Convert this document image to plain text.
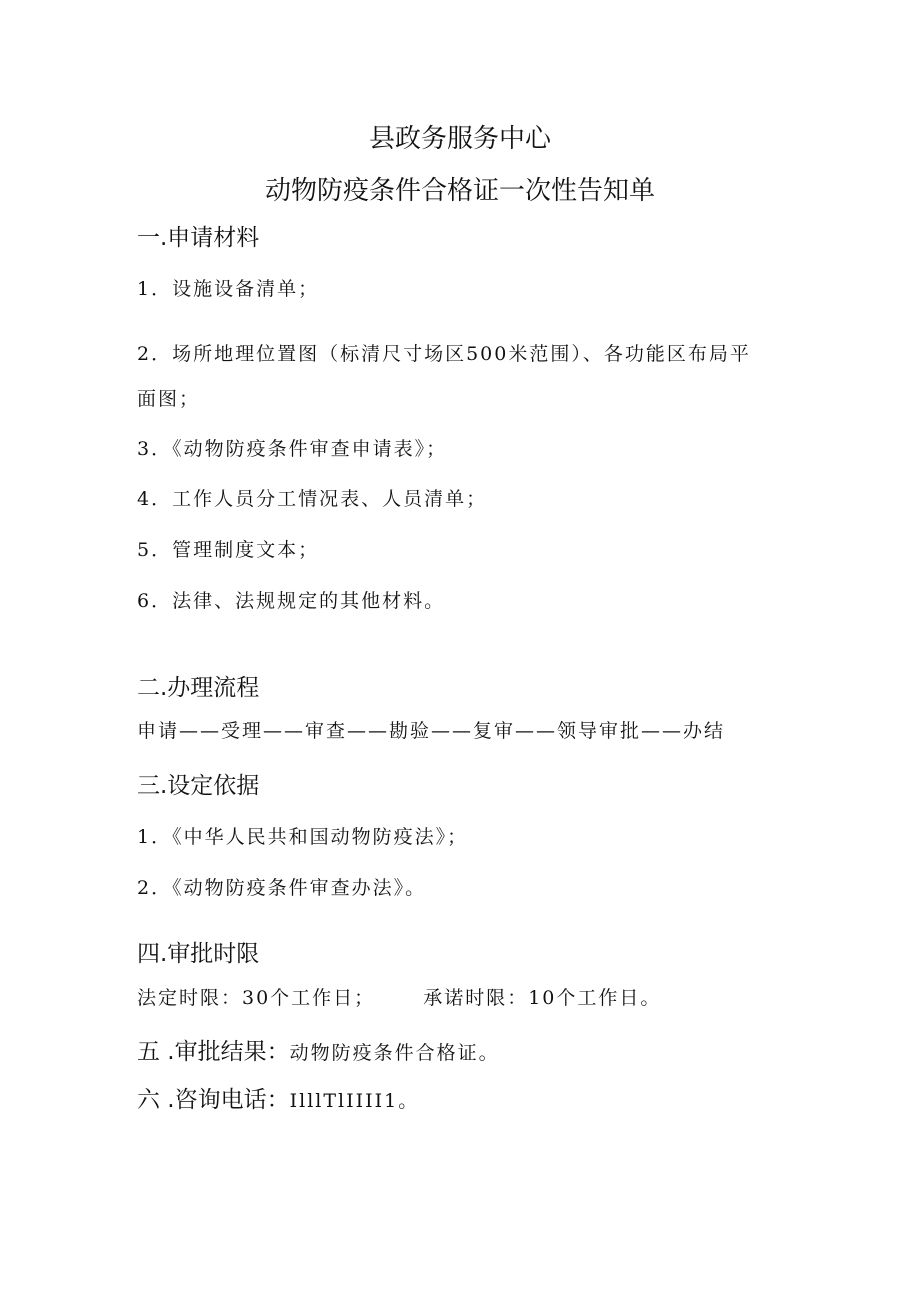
县政务服务中心
动物防疫条件合格证一次性告知单
一.申请材料
1．设施设备清单；
2．场所地理位置图（标清尺寸场区500米范围）、各功能区布局平
面图；
3．《动物防疫条件审查申请表》；
4．工作人员分工情况表、人员清单；
5．管理制度文本；
6．法律、法规规定的其他材料。
二.办理流程
申请——受理——审查——勘验——复审——领导审批——办结
三.设定依据
1．《中华人民共和国动物防疫法》；
2．《动物防疫条件审查办法》。
四.审批时限
法定时限：30个工作日；	承诺时限：10个工作日。
五 .审批结果：动物防疫条件合格证。
六 .咨询电话：IlllTlIIII1。
